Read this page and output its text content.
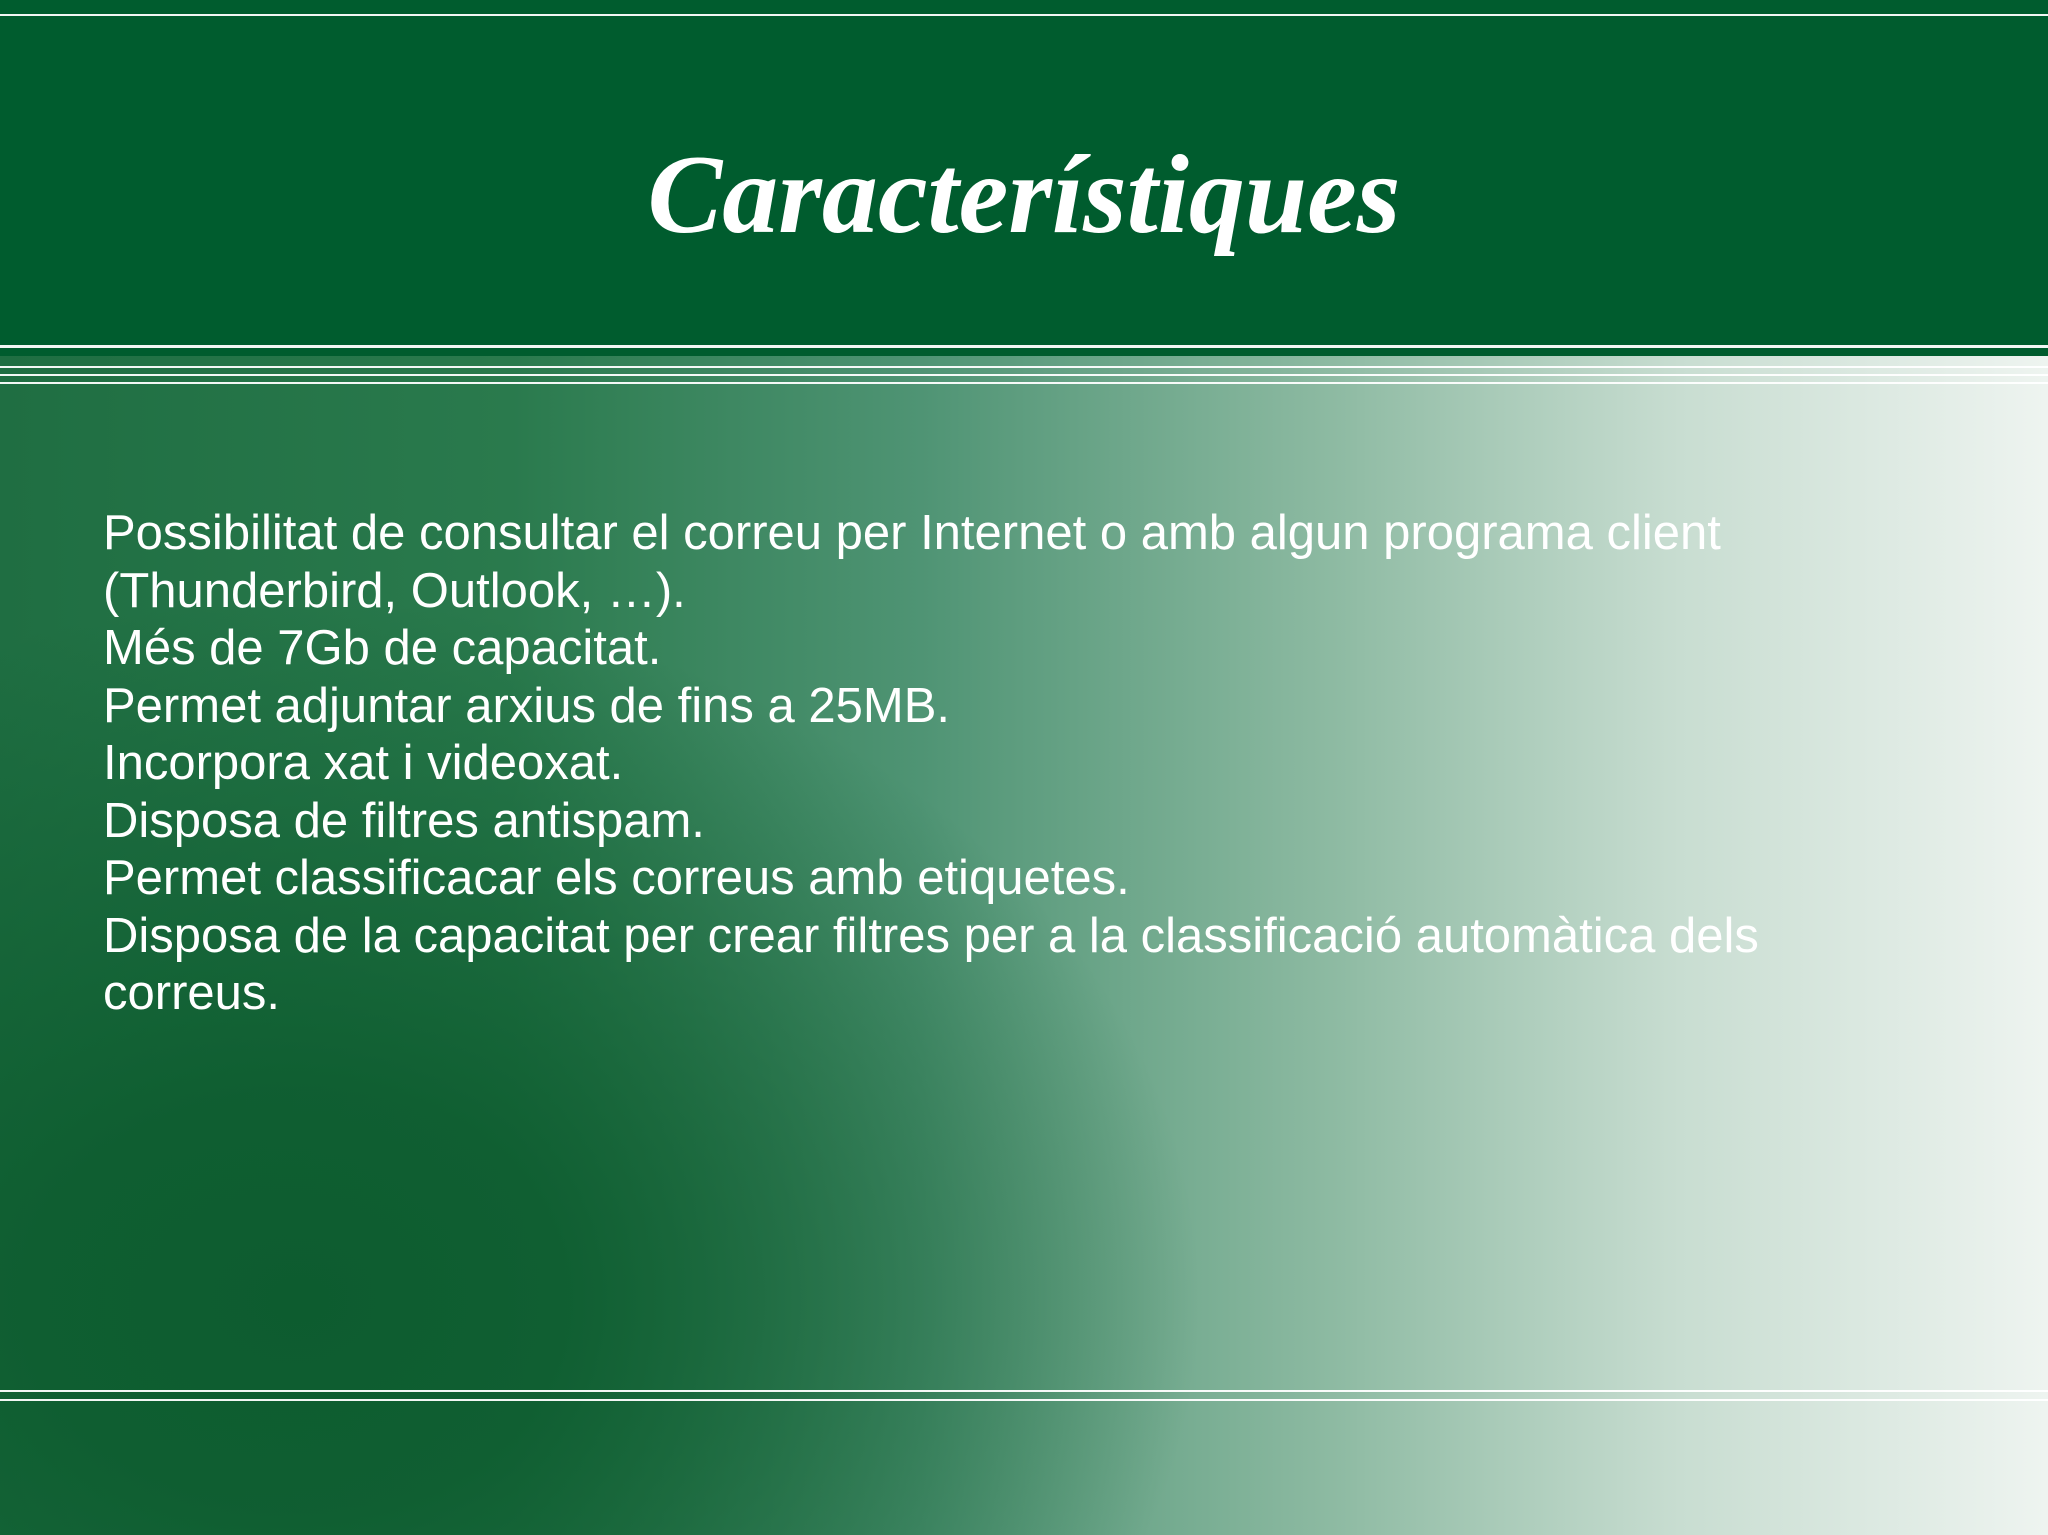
Característiques
Possibilitat de consultar el correu per Internet o amb algun programa client (Thunderbird, Outlook, …).
Més de 7Gb de capacitat.
Permet adjuntar arxius de fins a 25MB.
Incorpora xat i videoxat.
Disposa de filtres antispam.
Permet classificacar els correus amb etiquetes.
Disposa de la capacitat per crear filtres per a la classificació automàtica dels correus.
